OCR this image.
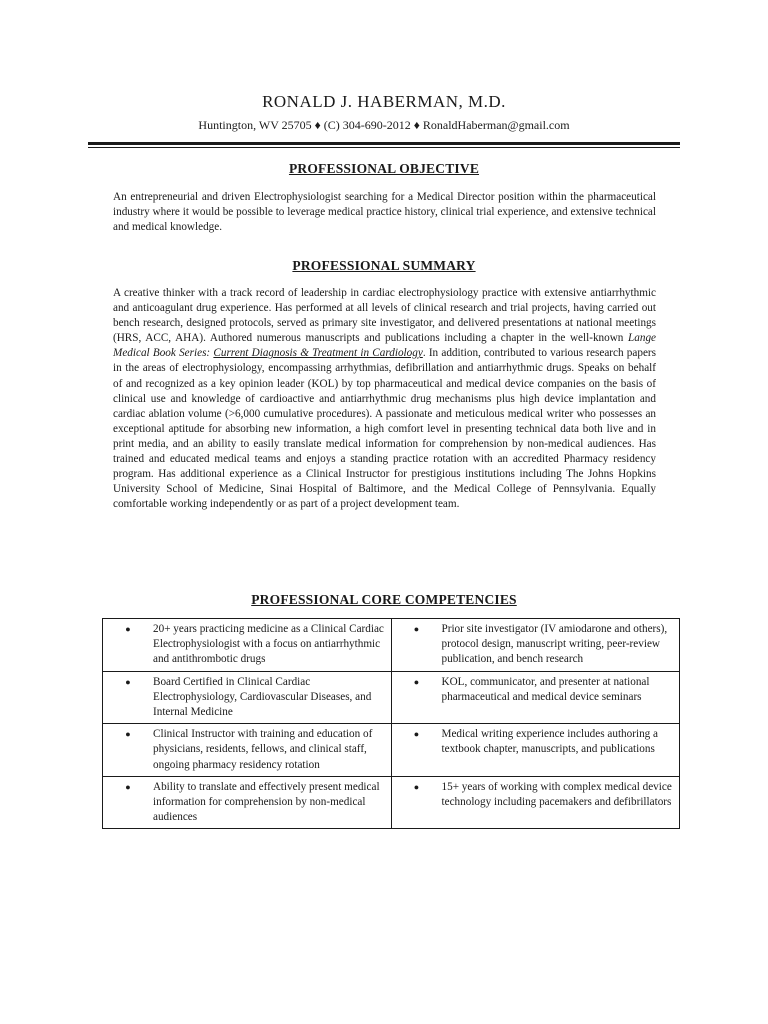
RONALD J. HABERMAN, M.D.
Huntington, WV 25705 ♦ (C) 304-690-2012 ♦ RonaldHaberman@gmail.com
PROFESSIONAL OBJECTIVE
An entrepreneurial and driven Electrophysiologist searching for a Medical Director position within the pharmaceutical industry where it would be possible to leverage medical practice history, clinical trial experience, and extensive technical and medical knowledge.
PROFESSIONAL SUMMARY
A creative thinker with a track record of leadership in cardiac electrophysiology practice with extensive antiarrhythmic and anticoagulant drug experience. Has performed at all levels of clinical research and trial projects, having carried out bench research, designed protocols, served as primary site investigator, and delivered presentations at national meetings (HRS, ACC, AHA). Authored numerous manuscripts and publications including a chapter in the well-known Lange Medical Book Series: Current Diagnosis & Treatment in Cardiology. In addition, contributed to various research papers in the areas of electrophysiology, encompassing arrhythmias, defibrillation and antiarrhythmic drugs. Speaks on behalf of and recognized as a key opinion leader (KOL) by top pharmaceutical and medical device companies on the basis of clinical use and knowledge of cardioactive and antiarrhythmic drug mechanisms plus high device implantation and cardiac ablation volume (>6,000 cumulative procedures). A passionate and meticulous medical writer who possesses an exceptional aptitude for absorbing new information, a high comfort level in presenting technical data both live and in print media, and an ability to easily translate medical information for comprehension by non-medical audiences. Has trained and educated medical teams and enjoys a standing practice rotation with an accredited Pharmacy residency program. Has additional experience as a Clinical Instructor for prestigious institutions including The Johns Hopkins University School of Medicine, Sinai Hospital of Baltimore, and the Medical College of Pennsylvania. Equally comfortable working independently or as part of a project development team.
PROFESSIONAL CORE COMPETENCIES
● 20+ years practicing medicine as a Clinical Cardiac Electrophysiologist with a focus on antiarrhythmic and antithrombotic drugs	● Prior site investigator (IV amiodarone and others), protocol design, manuscript writing, peer-review publication, and bench research

● Board Certified in Clinical Cardiac Electrophysiology, Cardiovascular Diseases, and Internal Medicine	● KOL, communicator, and presenter at national pharmaceutical and medical device seminars

● Clinical Instructor with training and education of physicians, residents, fellows, and clinical staff, ongoing pharmacy residency rotation	● Medical writing experience includes authoring a textbook chapter, manuscripts, and publications

● Ability to translate and effectively present medical information for comprehension by non-medical audiences	● 15+ years of working with complex medical device technology including pacemakers and defibrillators
